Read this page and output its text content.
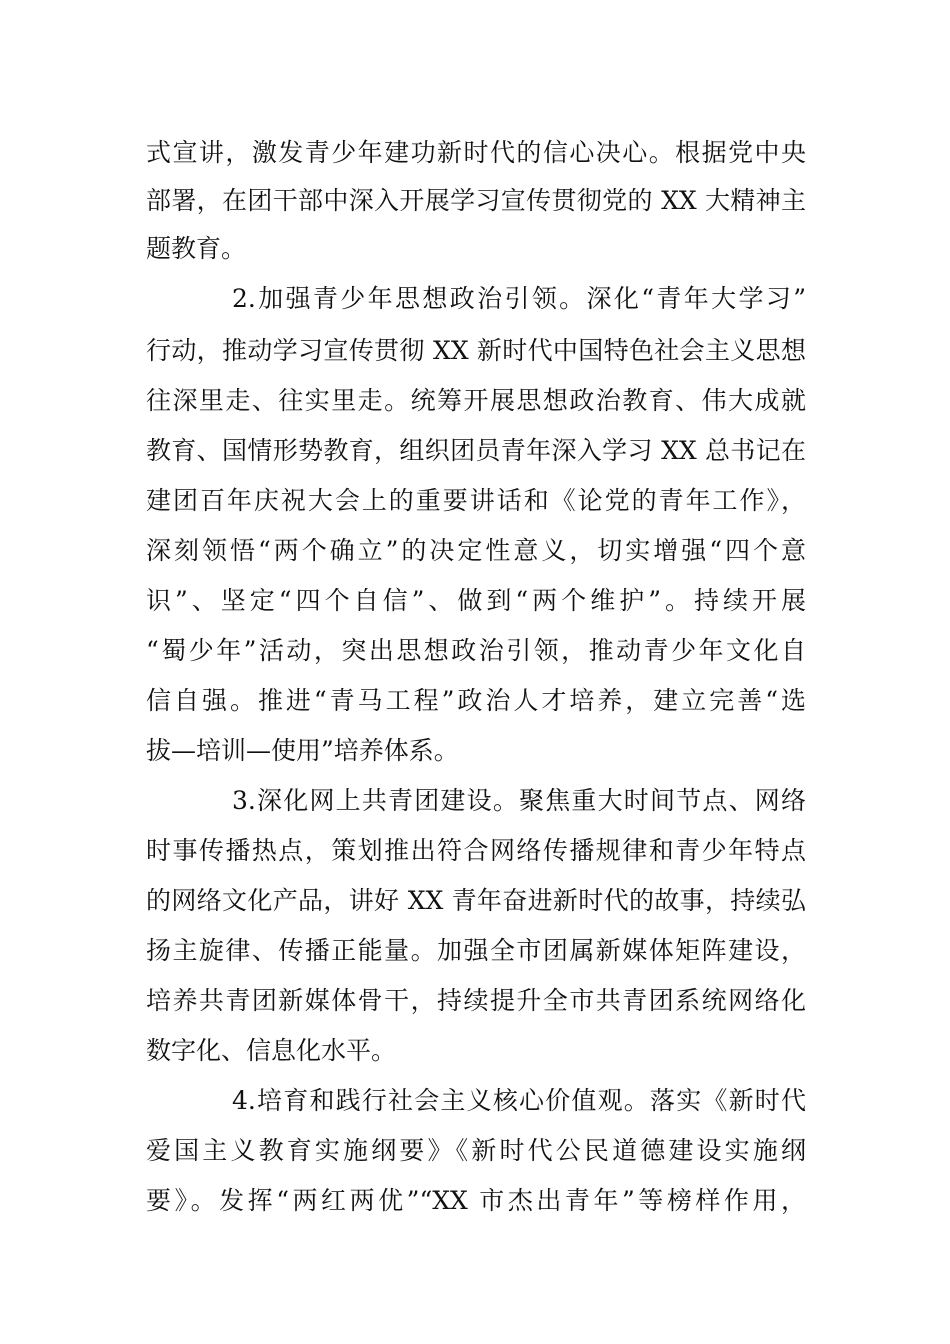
式宣讲，激发青少年建功新时代的信心决心。根据党中央
部署，在团干部中深入开展学习宣传贯彻党的 XX 大精神主
题教育。
2.加强青少年思想政治引领。深化“青年大学习”
行动，推动学习宣传贯彻 XX 新时代中国特色社会主义思想
往深里走、往实里走。统筹开展思想政治教育、伟大成就
教育、国情形势教育，组织团员青年深入学习 XX 总书记在
建团百年庆祝大会上的重要讲话和《论党的青年工作》，
深刻领悟“两个确立”的决定性意义，切实增强“四个意
识”、坚定“四个自信”、做到“两个维护”。持续开展
“蜀少年”活动，突出思想政治引领，推动青少年文化自
信自强。推进“青马工程”政治人才培养，建立完善“选
拔—培训—使用”培养体系。
3.深化网上共青团建设。聚焦重大时间节点、网络
时事传播热点，策划推出符合网络传播规律和青少年特点
的网络文化产品，讲好 XX 青年奋进新时代的故事，持续弘
扬主旋律、传播正能量。加强全市团属新媒体矩阵建设，
培养共青团新媒体骨干，持续提升全市共青团系统网络化
数字化、信息化水平。
4.培育和践行社会主义核心价值观。落实《新时代
爱国主义教育实施纲要》《新时代公民道德建设实施纲
要》。发挥“两红两优”“XX 市杰出青年”等榜样作用，
